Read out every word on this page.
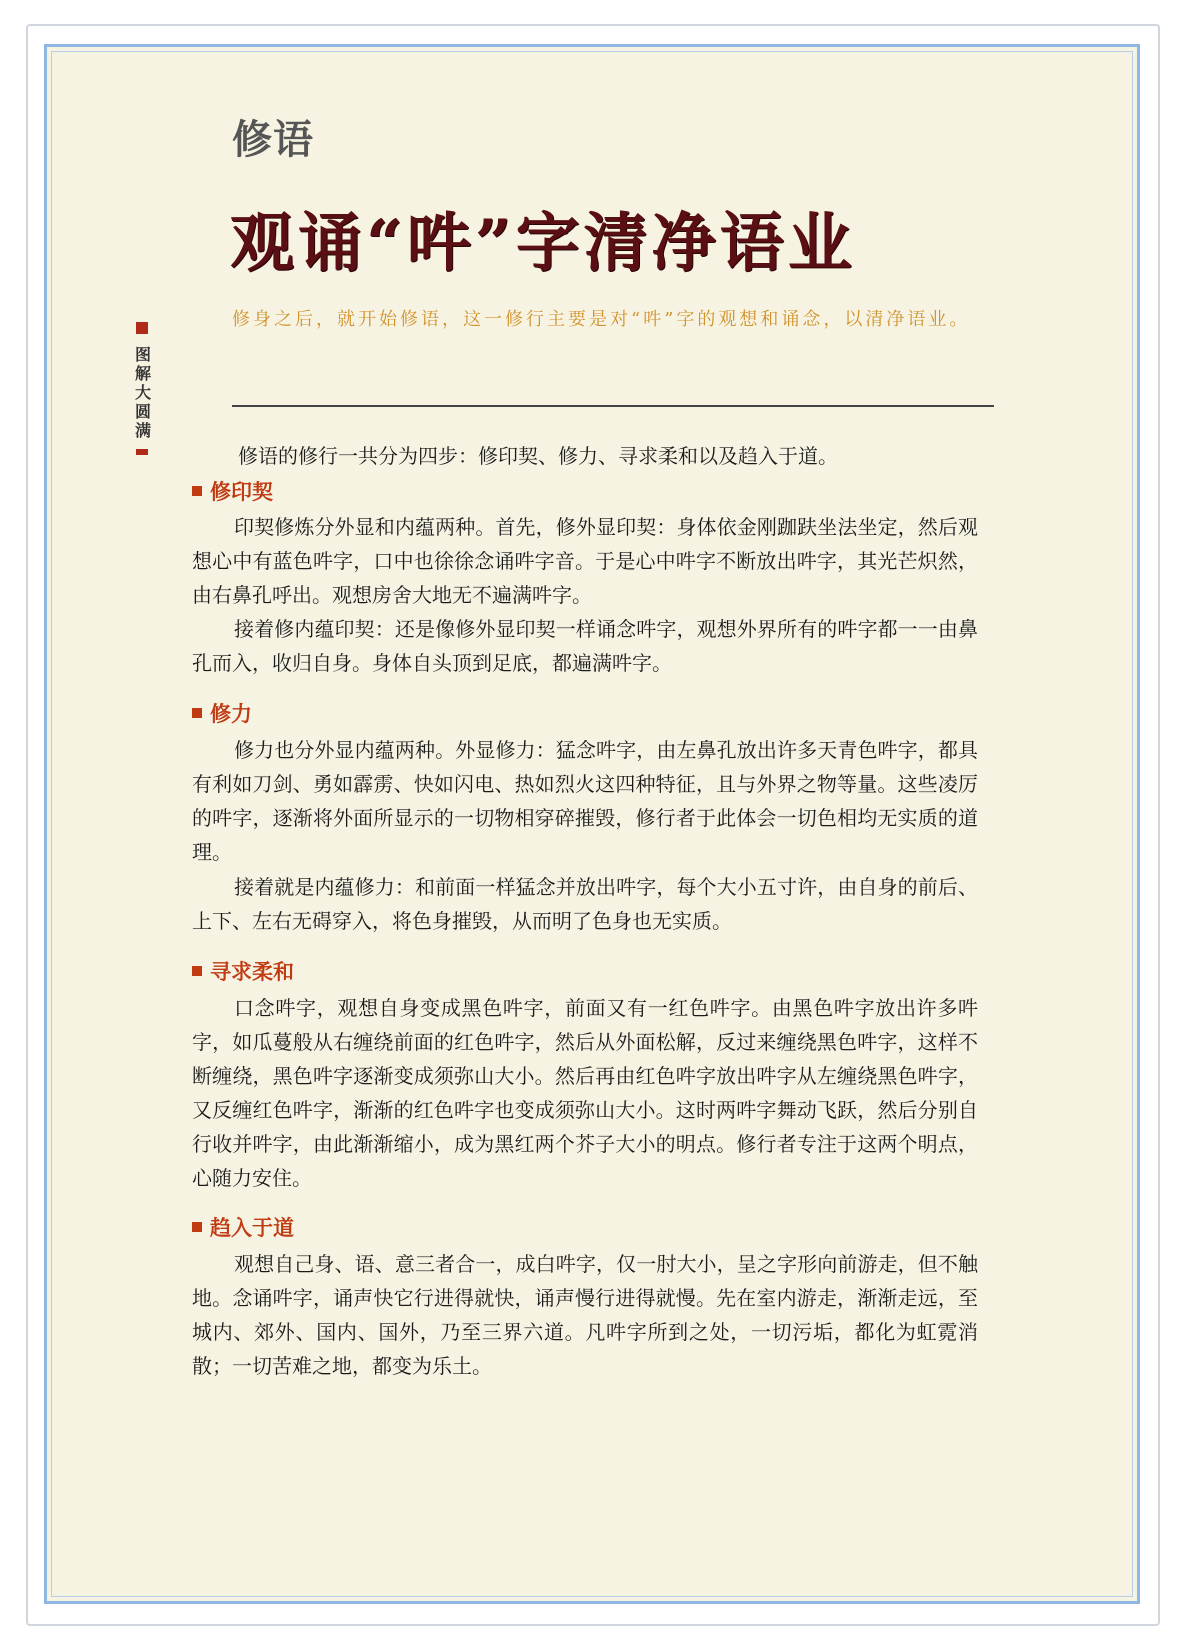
修语
观诵“吽”字清净语业
修身之后，就开始修语，这一修行主要是对“吽”字的观想和诵念，以清净语业。
图解大圆满
修语的修行一共分为四步：修印契、修力、寻求柔和以及趋入于道。
修印契
印契修炼分外显和内蕴两种。首先，修外显印契：身体依金刚跏趺坐法坐定，然后观想心中有蓝色吽字，口中也徐徐念诵吽字音。于是心中吽字不断放出吽字，其光芒炽然，由右鼻孔呼出。观想房舍大地无不遍满吽字。
接着修内蕴印契：还是像修外显印契一样诵念吽字，观想外界所有的吽字都一一由鼻孔而入，收归自身。身体自头顶到足底，都遍满吽字。
修力
修力也分外显内蕴两种。外显修力：猛念吽字，由左鼻孔放出许多天青色吽字，都具有利如刀剑、勇如霹雳、快如闪电、热如烈火这四种特征，且与外界之物等量。这些凌厉的吽字，逐渐将外面所显示的一切物相穿碎摧毁，修行者于此体会一切色相均无实质的道理。
接着就是内蕴修力：和前面一样猛念并放出吽字，每个大小五寸许，由自身的前后、上下、左右无碍穿入，将色身摧毁，从而明了色身也无实质。
寻求柔和
口念吽字，观想自身变成黑色吽字，前面又有一红色吽字。由黑色吽字放出许多吽字，如瓜蔓般从右缠绕前面的红色吽字，然后从外面松解，反过来缠绕黑色吽字，这样不断缠绕，黑色吽字逐渐变成须弥山大小。然后再由红色吽字放出吽字从左缠绕黑色吽字，又反缠红色吽字，渐渐的红色吽字也变成须弥山大小。这时两吽字舞动飞跃，然后分别自行收并吽字，由此渐渐缩小，成为黑红两个芥子大小的明点。修行者专注于这两个明点，心随力安住。
趋入于道
观想自己身、语、意三者合一，成白吽字，仅一肘大小，呈之字形向前游走，但不触地。念诵吽字，诵声快它行进得就快，诵声慢行进得就慢。先在室内游走，渐渐走远，至城内、郊外、国内、国外，乃至三界六道。凡吽字所到之处，一切污垢，都化为虹霓消散；一切苦难之地，都变为乐土。
